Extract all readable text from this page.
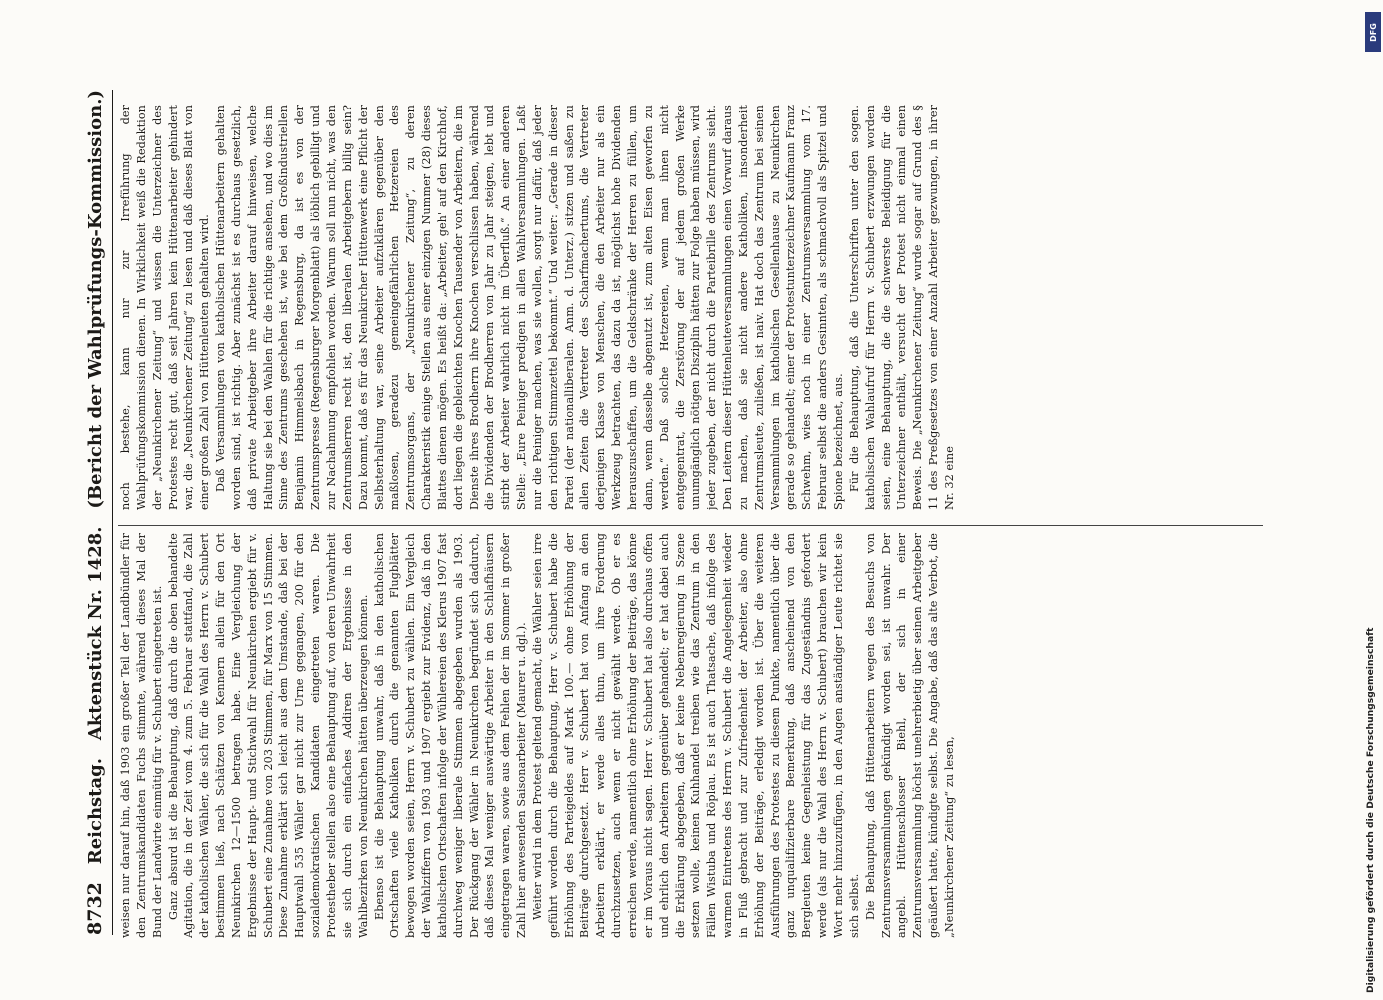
8732
Reichstag.
Aktenstück Nr. 1428.
(Bericht der Wahlprüfungs-Kommission.)

weisen nur darauf hin, daß 1903 ein großer Teil der Landbündler für den Zentrumskandidaten Fuchs stimmte, während dieses Mal der Bund der Landwirte einmütig für v. Schubert eingetreten ist. Ganz absurd ist die Behauptung, daß durch die oben behandelte Agitation, die in der Zeit vom 4. zum 5. Februar stattfand, die Zahl der katholischen Wähler, die sich für die Wahl des Herrn v. Schubert bestimmen ließ, nach Schätzen von Kennern allein für den Ort Neunkirchen 12—1500 betragen habe. Eine Vergleichung der Ergebnisse der Haupt- und Stichwahl für Neunkirchen ergiebt für v. Schubert eine Zunahme von 203 Stimmen, für Marx von 15 Stimmen. Diese Zunahme erklärt sich leicht aus dem Umstande, daß bei der Hauptwahl 535 Wähler gar nicht zur Urne gegangen, 200 für den sozialdemokratischen Kandidaten eingetreten waren. Die Protestheber stellen also eine Behauptung auf, von deren Unwahrheit sie sich durch ein einfaches Addiren der Ergebnisse in den Wahlbezirken von Neunkirchen hätten überzeugen können. Ebenso ist die Behauptung unwahr, daß in den katholischen Ortschaften viele Katholiken durch die genannten Flugblätter bewogen worden seien, Herrn v. Schubert zu wählen. Ein Vergleich der Wahlziffern von 1903 und 1907 ergiebt zur Evidenz, daß in den katholischen Ortschaften infolge der Wühlereien des Klerus 1907 fast durchweg weniger liberale Stimmen abgegeben wurden als 1903. Der Rückgang der Wähler in Neunkirchen begründet sich dadurch, daß dieses Mal weniger auswärtige Arbeiter in den Schlafhäusern eingetragen waren, sowie aus dem Fehlen der im Sommer in großer Zahl hier anwesenden Saisonarbeiter (Maurer u. dgl.). Weiter wird in dem Protest geltend gemacht, die Wähler seien irre geführt worden durch die Behauptung, Herr v. Schubert habe die Erhöhung des Parteigeldes auf Mark 100.— ohne Erhöhung der Beiträge durchgesetzt. Herr v. Schubert hat von Anfang an den Arbeitern erklärt, er werde alles thun, um ihre Forderung durchzusetzen, auch wenn er nicht gewählt werde. Ob er es erreichen werde, namentlich ohne Erhöhung der Beiträge, das könne er im Voraus nicht sagen. Herr v. Schubert hat also durchaus offen und ehrlich den Arbeitern gegenüber gehandelt; er hat dabei auch die Erklärung abgegeben, daß er keine Nebenregierung in Szene setzen wolle, keinen Kuhhandel treiben wie das Zentrum in den Fällen Wistuba und Röplau. Es ist auch Thatsache, daß infolge des warmen Eintretens des Herrn v. Schubert die Angelegenheit wieder in Fluß gebracht und zur Zufriedenheit der Arbeiter, also ohne Erhöhung der Beiträge, erledigt worden ist. Über die weiteren Ausführungen des Protestes zu diesem Punkte, namentlich über die ganz unqualifizierbare Bemerkung, daß anscheinend von den Bergleuten keine Gegenleistung für das Zugeständnis gefordert werde (als nur die Wahl des Herrn v. Schubert) brauchen wir kein Wort mehr hinzuzufügen, in den Augen anständiger Leute richtet sie sich selbst. Die Behauptung, daß Hüttenarbeitern wegen des Besuchs von Zentrumsversammlungen gekündigt worden sei, ist unwahr. Der angebl. Hüttenschlosser Biehl, der sich in einer Zentrumsversammlung höchst unehrerbietig über seinen Arbeitgeber geäußert hatte, kündigte selbst. Die Angabe, daß das alte Verbot, die „Neunkirchener Zeitung“ zu lesen,

noch bestehe, kann nur zur Irreführung der Wahlprüfungskommission dienen. In Wirklichkeit weiß die Redaktion der „Neunkirchener Zeitung“ und wissen die Unterzeichner des Protestes recht gut, daß seit Jahren kein Hüttenarbeiter gehindert war, die „Neunkirchener Zeitung“ zu lesen und daß dieses Blatt von einer großen Zahl von Hüttenleuten gehalten wird. Daß Versammlungen von katholischen Hüttenarbeitern gehalten worden sind, ist richtig. Aber zunächst ist es durchaus gesetzlich, daß private Arbeitgeber ihre Arbeiter darauf hinweisen, welche Haltung sie bei den Wahlen für die richtige ansehen, und wo dies im Sinne des Zentrums geschehen ist, wie bei dem Großindustriellen Benjamin Himmelsbach in Regensburg, da ist es von der Zentrumspresse (Regensburger Morgenblatt) als löblich gebilligt und zur Nachahmung empfohlen worden. Warum soll nun nicht, was den Zentrumsherren recht ist, den liberalen Arbeitgebern billig sein? Dazu kommt, daß es für das Neunkircher Hüttenwerk eine Pflicht der Selbsterhaltung war, seine Arbeiter aufzuklären gegenüber den maßlosen, geradezu gemeingefährlichen Hetzereien des Zentrumsorgans, der „Neunkirchener Zeitung“, zu deren Charakteristik einige Stellen aus einer einzigen Nummer (28) dieses Blattes dienen mögen. Es heißt da: „Arbeiter, geh' auf den Kirchhof, dort liegen die gebleichten Knochen Tausender von Arbeitern, die im Dienste ihres Brodherrn ihre Knochen verschlissen haben, während die Dividenden der Brodherren von Jahr zu Jahr steigen, lebt und stirbt der Arbeiter wahrlich nicht im Überfluß.“ An einer anderen Stelle: „Eure Peiniger predigen in allen Wahlversammlungen. Laßt nur die Peiniger machen, was sie wollen, sorgt nur dafür, daß jeder den richtigen Stimmzettel bekommt.“ Und weiter: „Gerade in dieser Partei (der nationalliberalen. Anm. d. Unterz.) sitzen und saßen zu allen Zeiten die Vertreter des Scharfmachertums, die Vertreter derjenigen Klasse von Menschen, die den Arbeiter nur als ein Werkzeug betrachten, das dazu da ist, möglichst hohe Dividenden herauszuschaffen, um die Geldschränke der Herren zu füllen, um dann, wenn dasselbe abgenutzt ist, zum alten Eisen geworfen zu werden.“ Daß solche Hetzereien, wenn man ihnen nicht entgegentrat, die Zerstörung der auf jedem großen Werke unumgänglich nötigen Disziplin hätten zur Folge haben müssen, wird jeder zugeben, der nicht durch die Parteibrille des Zentrums sieht. Den Leitern dieser Hüttenleuteversammlungen einen Vorwurf daraus zu machen, daß sie nicht andere Katholiken, insonderheit Zentrumsleute, zuließen, ist naiv. Hat doch das Zentrum bei seinen Versammlungen im katholischen Gesellenhause zu Neunkirchen gerade so gehandelt; einer der Protestunterzeichner Kaufmann Franz Schwehm, wies noch in einer Zentrumsversammlung vom 17. Februar selbst die anders Gesinnten, als schmachvoll als Spitzel und Spione bezeichnet, aus. Für die Behauptung, daß die Unterschriften unter den sogen. katholischen Wahlaufruf für Herrn v. Schubert erzwungen worden seien, eine Behauptung, die die schwerste Beleidigung für die Unterzeichner enthält, versucht der Protest nicht einmal einen Beweis. Die „Neunkirchener Zeitung“ wurde sogar auf Grund des § 11 des Preßgesetzes von einer Anzahl Arbeiter gezwungen, in ihrer Nr. 32 eine

DFG
Digitalisierung gefördert durch die Deutsche Forschungsgemeinschaft
